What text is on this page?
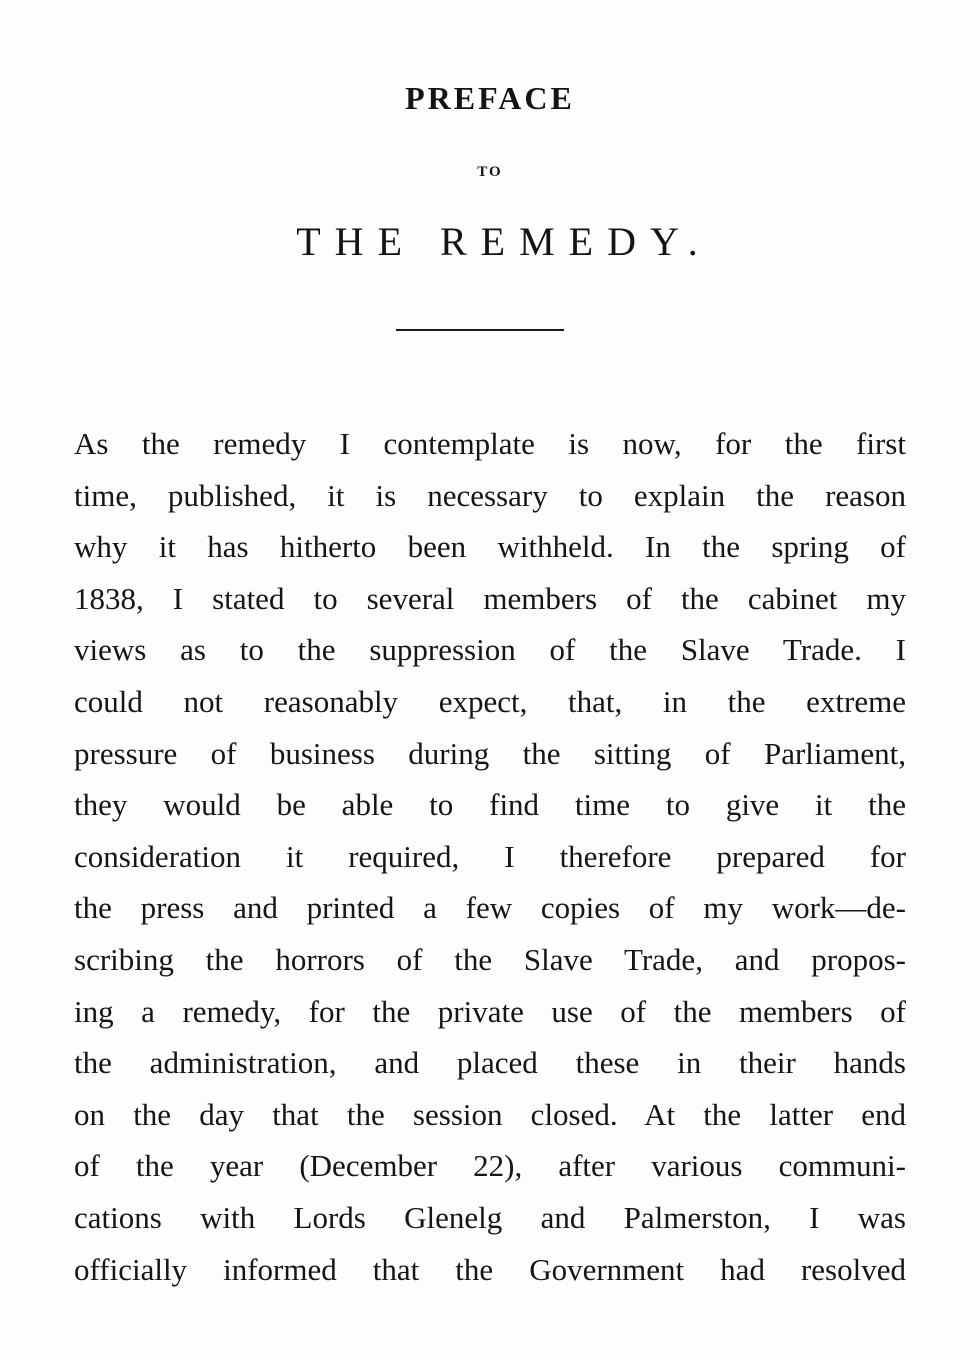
PREFACE
TO
THE REMEDY.
As the remedy I contemplate is now, for the first
time, published, it is necessary to explain the reason
why it has hitherto been withheld. In the spring of
1838, I stated to several members of the cabinet my
views as to the suppression of the Slave Trade. I
could not reasonably expect, that, in the extreme
pressure of business during the sitting of Parliament,
they would be able to find time to give it the
consideration it required, I therefore prepared for
the press and printed a few copies of my work—de-
scribing the horrors of the Slave Trade, and propos-
ing a remedy, for the private use of the members of
the administration, and placed these in their hands
on the day that the session closed. At the latter end
of the year (December 22), after various communi-
cations with Lords Glenelg and Palmerston, I was
officially informed that the Government had resolved
